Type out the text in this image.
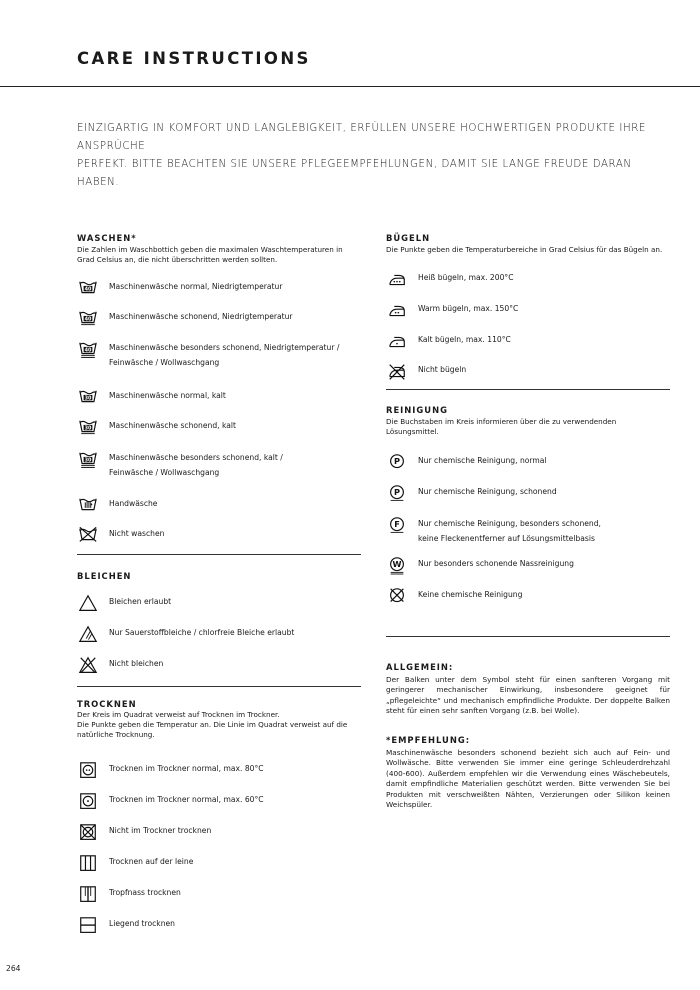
CARE INSTRUCTIONS

EINZIGARTIG IN KOMFORT UND LANGLEBIGKEIT, ERFÜLLEN UNSERE HOCHWERTIGEN PRODUKTE IHRE ANSPRÜCHE

PERFEKT. BITTE BEACHTEN SIE UNSERE PFLEGEEMPFEHLUNGEN, DAMIT SIE LANGE FREUDE DARAN HABEN.

WASCHEN*

Die Zahlen im Waschbottich geben die maximalen Waschtemperaturen in Grad Celsius an, die nicht überschritten werden sollten.

40 Maschinenwäsche normal, Niedrigtemperatur
40 Maschinenwäsche schonend, Niedrigtemperatur
40 Maschinenwäsche besonders schonend, Niedrigtemperatur /
Feinwäsche / Wollwaschgang
30 Maschinenwäsche normal, kalt
30 Maschinenwäsche schonend, kalt
30 Maschinenwäsche besonders schonend, kalt /
Feinwäsche / Wollwaschgang
Handwäsche
Nicht waschen
BLEICHEN
Bleichen erlaubt
Nur Sauerstoffbleiche / chlorfreie Bleiche erlaubt
Nicht bleichen
TROCKNEN

Der Kreis im Quadrat verweist auf Trocknen im Trockner.

Die Punkte geben die Temperatur an. Die Linie im Quadrat verweist auf die natürliche Trocknung.

Trocknen im Trockner normal, max. 80°C
Trocknen im Trockner normal, max. 60°C
Nicht im Trockner trocknen
Trocknen auf der leine
Tropfnass trocknen
Liegend trocknen
BÜGELN

Die Punkte geben die Temperaturbereiche in Grad Celsius für das Bügeln an.

Heiß bügeln, max. 200°C
Warm bügeln, max. 150°C
Kalt bügeln, max. 110°C
Nicht bügeln
REINIGUNG

Die Buchstaben im Kreis informieren über die zu verwendenden Lösungsmittel.

P Nur chemische Reinigung, normal
P Nur chemische Reinigung, schonend
F Nur chemische Reinigung, besonders schonend,
keine Fleckenentferner auf Lösungsmittelbasis
W Nur besonders schonende Nassreinigung
Keine chemische Reinigung
ALLGEMEIN:

Der Balken unter dem Symbol steht für einen sanfteren Vorgang mit geringerer mechanischer Einwirkung, insbesondere geeignet für „pflegeleichte“ und mechanisch empfindliche Produkte. Der doppelte Balken steht für einen sehr sanften Vorgang (z.B. bei Wolle).

*EMPFEHLUNG:

Maschinenwäsche besonders schonend bezieht sich auch auf Fein- und Wollwäsche. Bitte verwenden Sie immer eine geringe Schleuderdrehzahl (400-600). Außerdem empfehlen wir die Verwendung eines Wäschebeutels, damit empfindliche Materialien geschützt werden. Bitte verwenden Sie bei Produkten mit verschweißten Nähten, Verzierungen oder Silikon keinen Weichspüler.

264
